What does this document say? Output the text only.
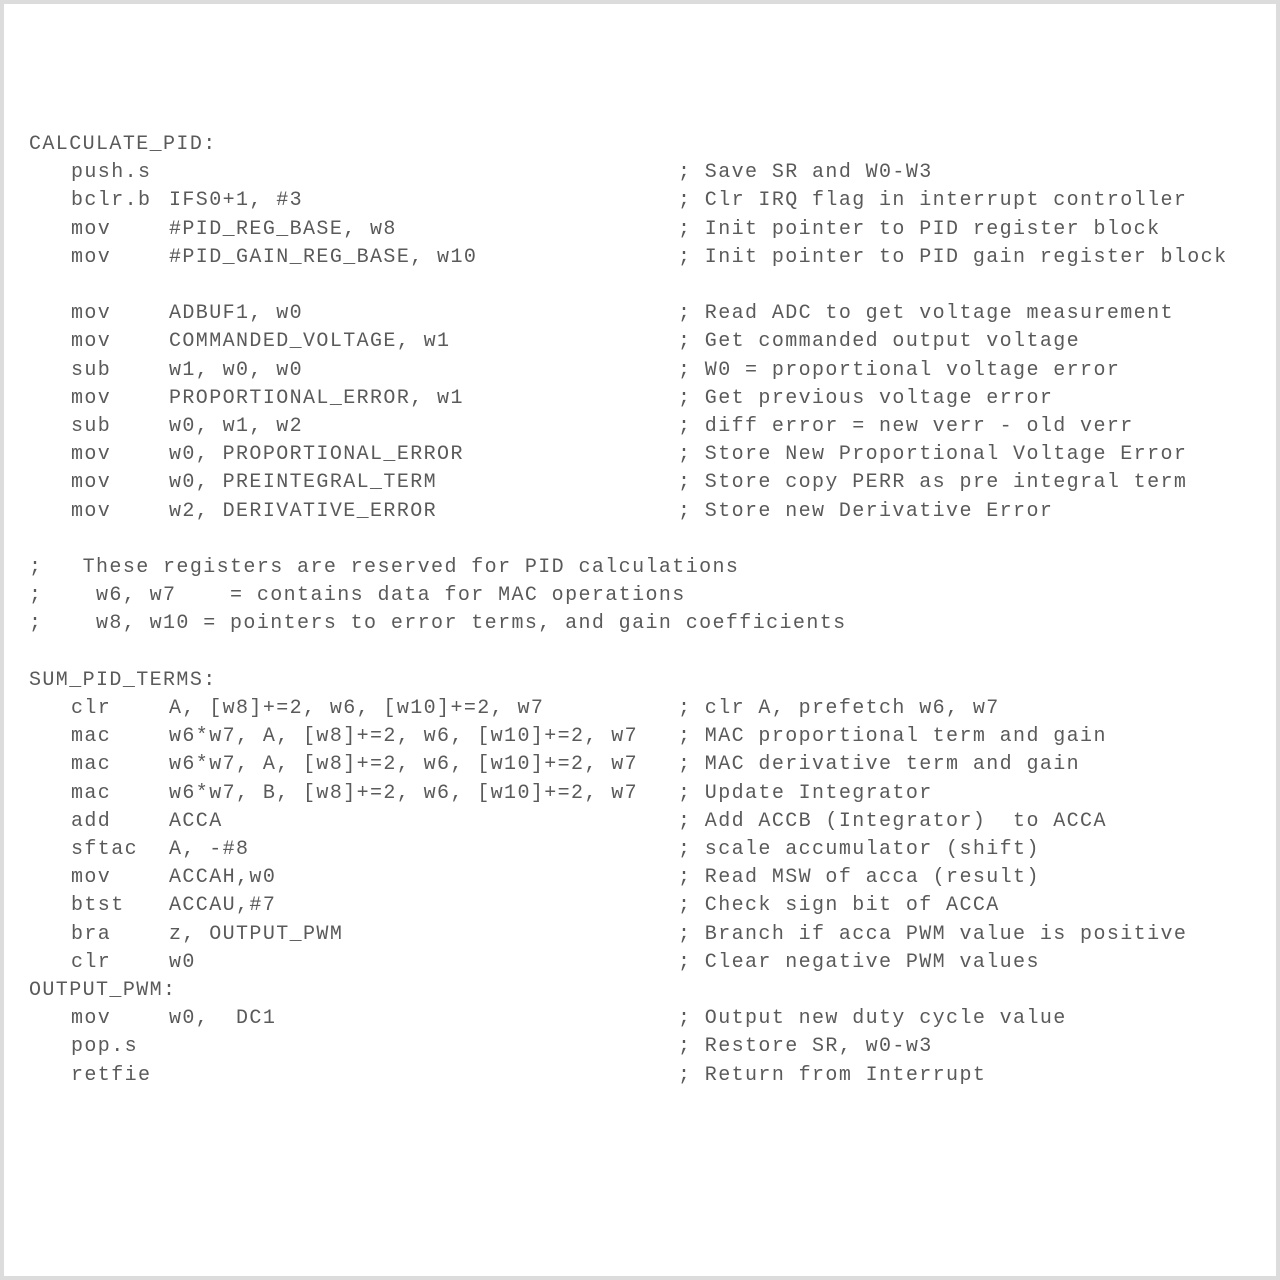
CALCULATE_PID:
push.s	; Save SR and W0-W3
bclr.b IFS0+1, #3	; Clr IRQ flag in interrupt controller
mov	#PID_REG_BASE, w8	; Init pointer to PID register block
mov	#PID_GAIN_REG_BASE, w10	; Init pointer to PID gain register block
mov	ADBUF1, w0	; Read ADC to get voltage measurement
mov	COMMANDED_VOLTAGE, w1	; Get commanded output voltage
sub	w1, w0, w0	; W0 = proportional voltage error
mov	PROPORTIONAL_ERROR, w1	; Get previous voltage error
sub	w0, w1, w2	; diff error = new verr - old verr
mov	w0, PROPORTIONAL_ERROR	; Store New Proportional Voltage Error
mov	w0, PREINTEGRAL_TERM	; Store copy PERR as pre integral term
mov	w2, DERIVATIVE_ERROR	; Store new Derivative Error
;   These registers are reserved for PID calculations
;    w6, w7    = contains data for MAC operations
;    w8, w10 = pointers to error terms, and gain coefficients
SUM_PID_TERMS:
clr	A, [w8]+=2, w6, [w10]+=2, w7	; clr A, prefetch w6, w7
mac	w6*w7, A, [w8]+=2, w6, [w10]+=2, w7 ; MAC proportional term and gain
mac	w6*w7, A, [w8]+=2, w6, [w10]+=2, w7 ; MAC derivative term and gain
mac	w6*w7, B, [w8]+=2, w6, [w10]+=2, w7 ; Update Integrator
add	ACCA	; Add ACCB (Integrator)  to ACCA
sftac A, -#8	; scale accumulator (shift)
mov	ACCAH,w0	; Read MSW of acca (result)
btst ACCAU,#7	; Check sign bit of ACCA
bra	z, OUTPUT_PWM	; Branch if acca PWM value is positive
clr	w0	; Clear negative PWM values
OUTPUT_PWM:
mov	w0,  DC1	; Output new duty cycle value
pop.s	; Restore SR, w0-w3
retfie	; Return from Interrupt
